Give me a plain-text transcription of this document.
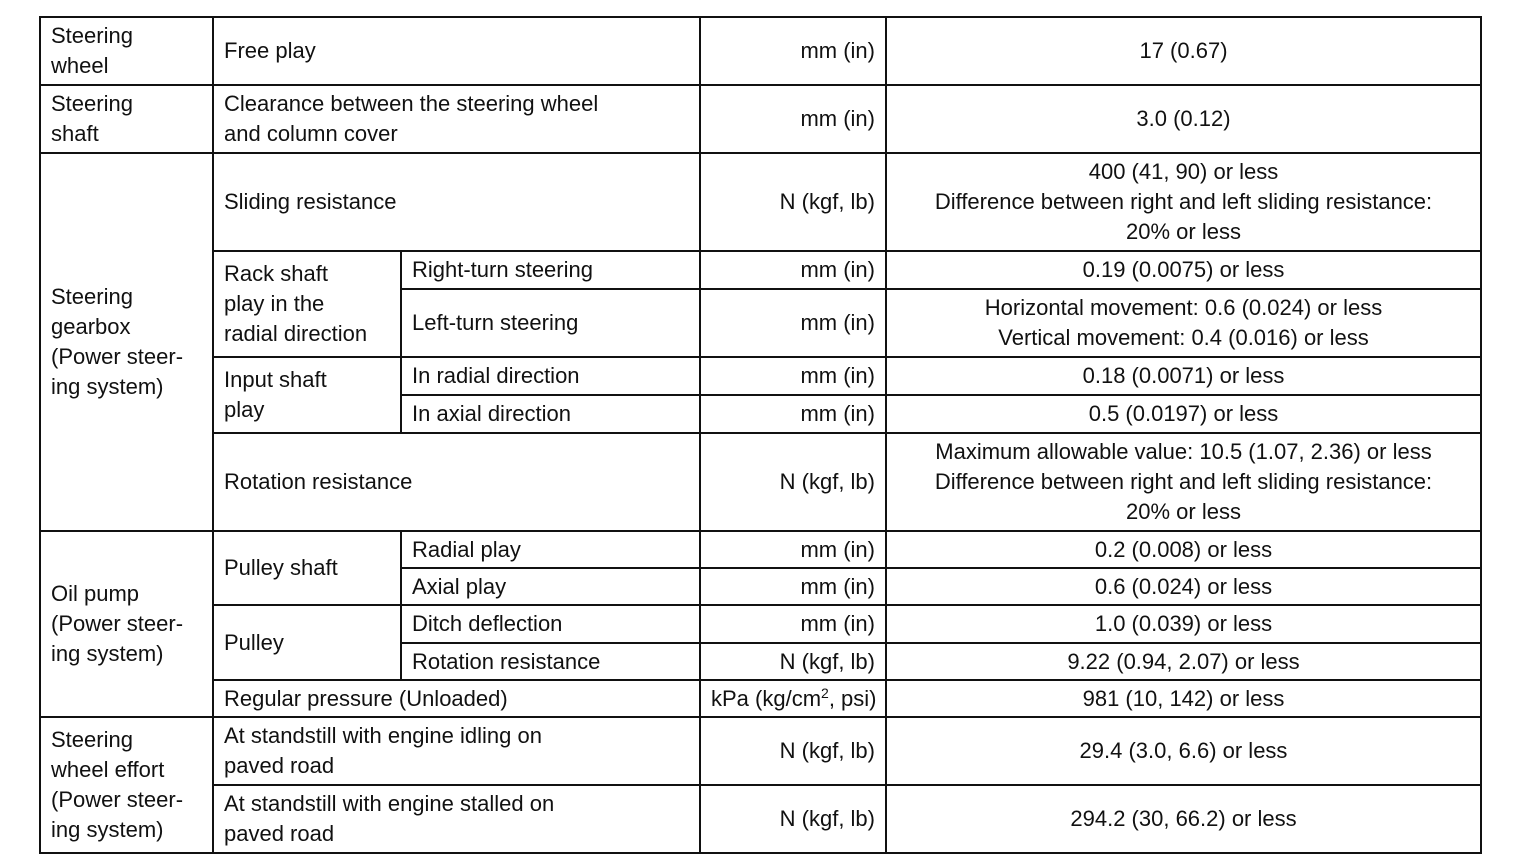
Steering
wheel	Free play		mm (in)	17 (0.67)

Steering
shaft	Clearance between the steering wheel
and column cover		mm (in)	3.0 (0.12)

Steering
gearbox
(Power steer-
ing system)	Sliding resistance		N (kgf, lb)	400 (41, 90) or less
Difference between right and left sliding resistance:
20% or less

	Rack shaft
play in the
radial direction	Right-turn steering	mm (in)	0.19 (0.0075) or less

		Left-turn steering	mm (in)	Horizontal movement: 0.6 (0.024) or less
Vertical movement: 0.4 (0.016) or less

	Input shaft
play	In radial direction	mm (in)	0.18 (0.0071) or less

		In axial direction	mm (in)	0.5 (0.0197) or less

	Rotation resistance		N (kgf, lb)	Maximum allowable value: 10.5 (1.07, 2.36) or less
Difference between right and left sliding resistance:
20% or less

Oil pump
(Power steer-
ing system)	Pulley shaft	Radial play	mm (in)	0.2 (0.008) or less

		Axial play	mm (in)	0.6 (0.024) or less

	Pulley	Ditch deflection	mm (in)	1.0 (0.039) or less

		Rotation resistance	N (kgf, lb)	9.22 (0.94, 2.07) or less

	Regular pressure (Unloaded)		kPa ($kg/cm^2$, psi)	981 (10, 142) or less

Steering
wheel effort
(Power steer-
ing system)	At standstill with engine idling on
paved road		N (kgf, lb)	29.4 (3.0, 6.6) or less

	At standstill with engine stalled on
paved road		N (kgf, lb)	294.2 (30, 66.2) or less
